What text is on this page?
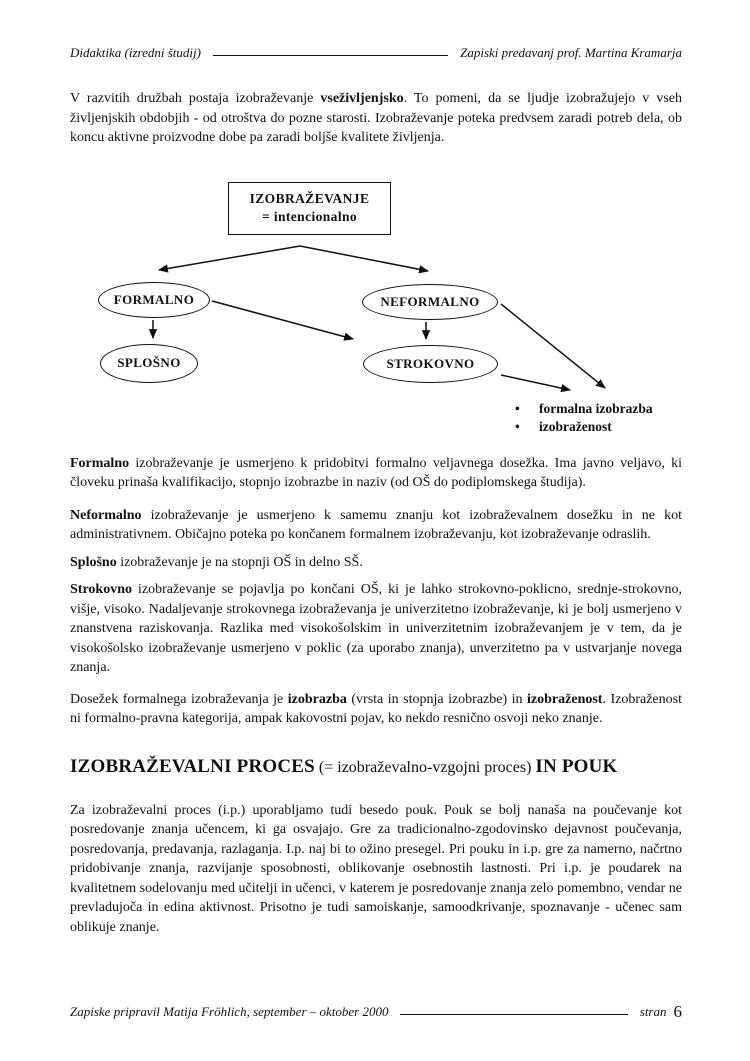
Didaktika (izredni študij)	Zapiski predavanj prof. Martina Kramarja

V razvitih družbah postaja izobraževanje vseživljenjsko. To pomeni, da se ljudje izobražujejo v vseh življenjskih obdobjih - od otroštva do pozne starosti. Izobraževanje poteka predvsem zaradi potreb dela, ob koncu aktivne proizvodne dobe pa zaradi boljše kvalitete življenja.

IZOBRAŽEVANJE
= intencionalno
FORMALNO	NEFORMALNO
SPLOŠNO	STROKOVNO
•	formalna izobrazba
•	izobraženost

Formalno izobraževanje je usmerjeno k pridobitvi formalno veljavnega dosežka. Ima javno veljavo, ki človeku prinaša kvalifikacijo, stopnjo izobrazbe in naziv (od OŠ do podiplomskega študija).

Neformalno izobraževanje je usmerjeno k samemu znanju kot izobraževalnem dosežku in ne kot administrativnem. Običajno poteka po končanem formalnem izobraževanju, kot izobraževanje odraslih.

Splošno izobraževanje je na stopnji OŠ in delno SŠ.

Strokovno izobraževanje se pojavlja po končani OŠ, ki je lahko strokovno-poklicno, srednje-strokovno, višje, visoko. Nadaljevanje strokovnega izobraževanja je univerzitetno izobraževanje, ki je bolj usmerjeno v znanstvena raziskovanja. Razlika med visokošolskim in univerzitetnim izobraževanjem je v tem, da je visokošolsko izobraževanje usmerjeno v poklic (za uporabo znanja), unverzitetno pa v ustvarjanje novega znanja.

Dosežek formalnega izobraževanja je izobrazba (vrsta in stopnja izobrazbe) in izobraženost. Izobraženost ni formalno-pravna kategorija, ampak kakovostni pojav, ko nekdo resnično osvoji neko znanje.

IZOBRAŽEVALNI PROCES (= izobraževalno-vzgojni proces) IN POUK

Za izobraževalni proces (i.p.) uporabljamo tudi besedo pouk. Pouk se bolj nanaša na poučevanje kot posredovanje znanja učencem, ki ga osvajajo. Gre za tradicionalno-zgodovinsko dejavnost poučevanja, posredovanja, predavanja, razlaganja. I.p. naj bi to ožino presegel. Pri pouku in i.p. gre za namerno, načrtno pridobivanje znanja, razvijanje sposobnosti, oblikovanje osebnostih lastnosti. Pri i.p. je poudarek na kvalitetnem sodelovanju med učitelji in učenci, v katerem je posredovanje znanja zelo pomembno, vendar ne prevladujoča in edina aktivnost. Prisotno je tudi samoiskanje, samoodkrivanje, spoznavanje - učenec sam oblikuje znanje.

Zapiske pripravil Matija Fröhlich, september – oktober 2000	stran 6
